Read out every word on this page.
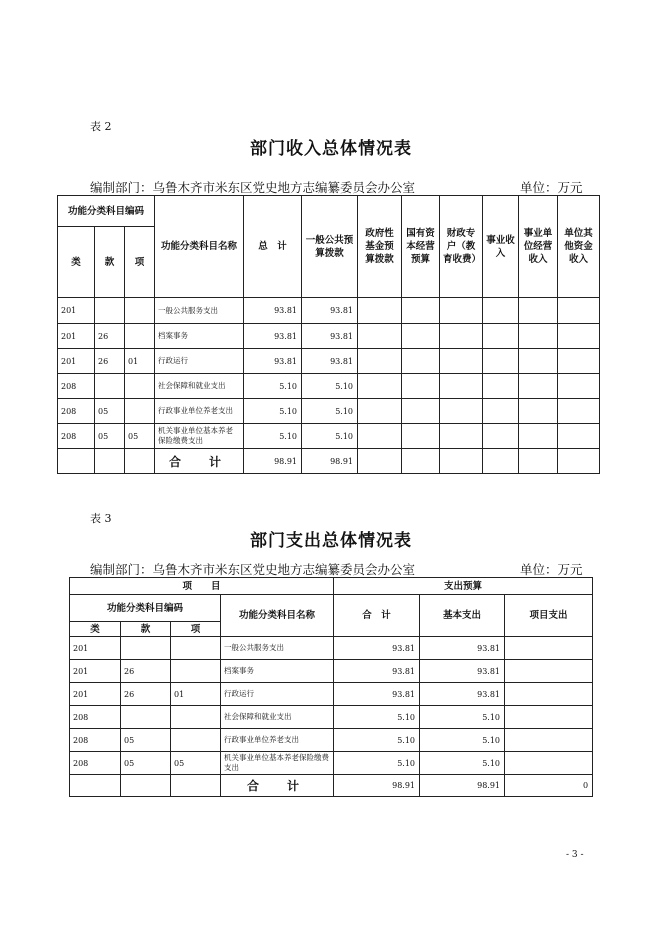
表 2
部门收入总体情况表
编制部门：乌鲁木齐市米东区党史地方志编纂委员会办公室	单位：万元
功能分类科目编码			功能分类科目名称	总　计	一般公共预算拨款	政府性基金预算拨款	国有资本经营预算	财政专户（教育收费）	事业收入	事业单位经营收入	单位其他资金收入
类	款	项									
201			一般公共服务支出	93.81	93.81						
201	26		档案事务	93.81	93.81						
201	26	01	行政运行	93.81	93.81						
208			社会保障和就业支出	5.10	5.10						
208	05		行政事业单位养老支出	5.10	5.10						
208	05	05	机关事业单位基本养老保险缴费支出	5.10	5.10						
			合　计	98.91	98.91						
表 3
部门支出总体情况表
编制部门：乌鲁木齐市米东区党史地方志编纂委员会办公室	单位：万元
项　　目				支出预算		
功能分类科目编码			功能分类科目名称	合　计	基本支出	项目支出
类	款	项				
201			一般公共服务支出	93.81	93.81	
201	26		档案事务	93.81	93.81	
201	26	01	行政运行	93.81	93.81	
208			社会保障和就业支出	5.10	5.10	
208	05		行政事业单位养老支出	5.10	5.10	
208	05	05	机关事业单位基本养老保险缴费支出	5.10	5.10	
			合　计	98.91	98.91	0
- 3 -
